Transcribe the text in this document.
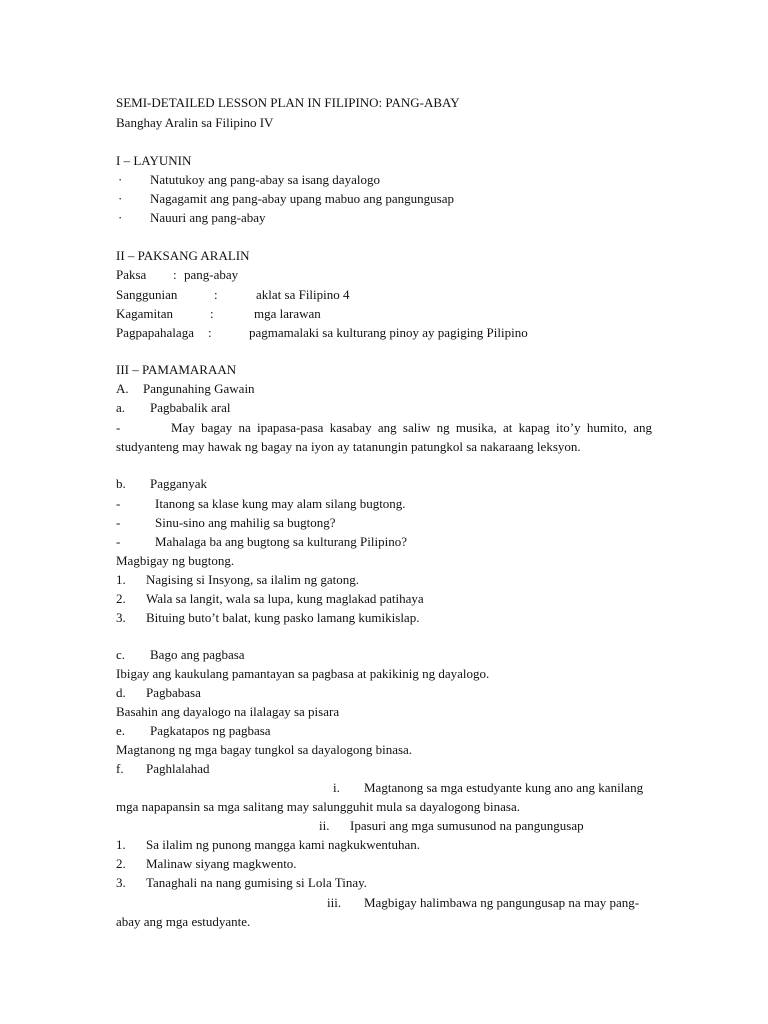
SEMI-DETAILED LESSON PLAN IN FILIPINO: PANG-ABAY
Banghay Aralin sa Filipino IV
I – LAYUNIN
· Natutukoy ang pang-abay sa isang dayalogo
· Nagagamit ang pang-abay upang mabuo ang pangungusap
· Nauuri ang pang-abay
II – PAKSANG ARALIN
Paksa : pang-abay
Sanggunian	:	aklat sa Filipino 4
Kagamitan	:	mga larawan
Pagpapahalaga :	pagmamalaki sa kulturang pinoy ay pagiging Pilipino
III – PAMAMARAAN
A. Pangunahing Gawain
a. Pagbabalik aral
-	May bagay na ipapasa-pasa kasabay ang saliw ng musika, at kapag ito’y humito, ang
studyanteng may hawak ng bagay na iyon ay tatanungin patungkol sa nakaraang leksyon.
b. Pagganyak
-	Itanong sa klase kung may alam silang bugtong.
-	Sinu-sino ang mahilig sa bugtong?
-	Mahalaga ba ang bugtong sa kulturang Pilipino?
Magbigay ng bugtong.
1. Nagising si Insyong, sa ilalim ng gatong.
2. Wala sa langit, wala sa lupa, kung maglakad patihaya
3. Bituing buto’t balat, kung pasko lamang kumikislap.
c. Bago ang pagbasa
Ibigay ang kaukulang pamantayan sa pagbasa at pakikinig ng dayalogo.
d. Pagbabasa
Basahin ang dayalogo na ilalagay sa pisara
e. Pagkatapos ng pagbasa
Magtanong ng mga bagay tungkol sa dayalogong binasa.
f. Paghlalahad
i. Magtanong sa mga estudyante kung ano ang kanilang
mga napapansin sa mga salitang may salungguhit mula sa dayalogong binasa.
ii. Ipasuri ang mga sumusunod na pangungusap
1. Sa ilalim ng punong mangga kami nagkukwentuhan.
2. Malinaw siyang magkwento.
3. Tanaghali na nang gumising si Lola Tinay.
iii. Magbigay halimbawa ng pangungusap na may pang-
abay ang mga estudyante.
